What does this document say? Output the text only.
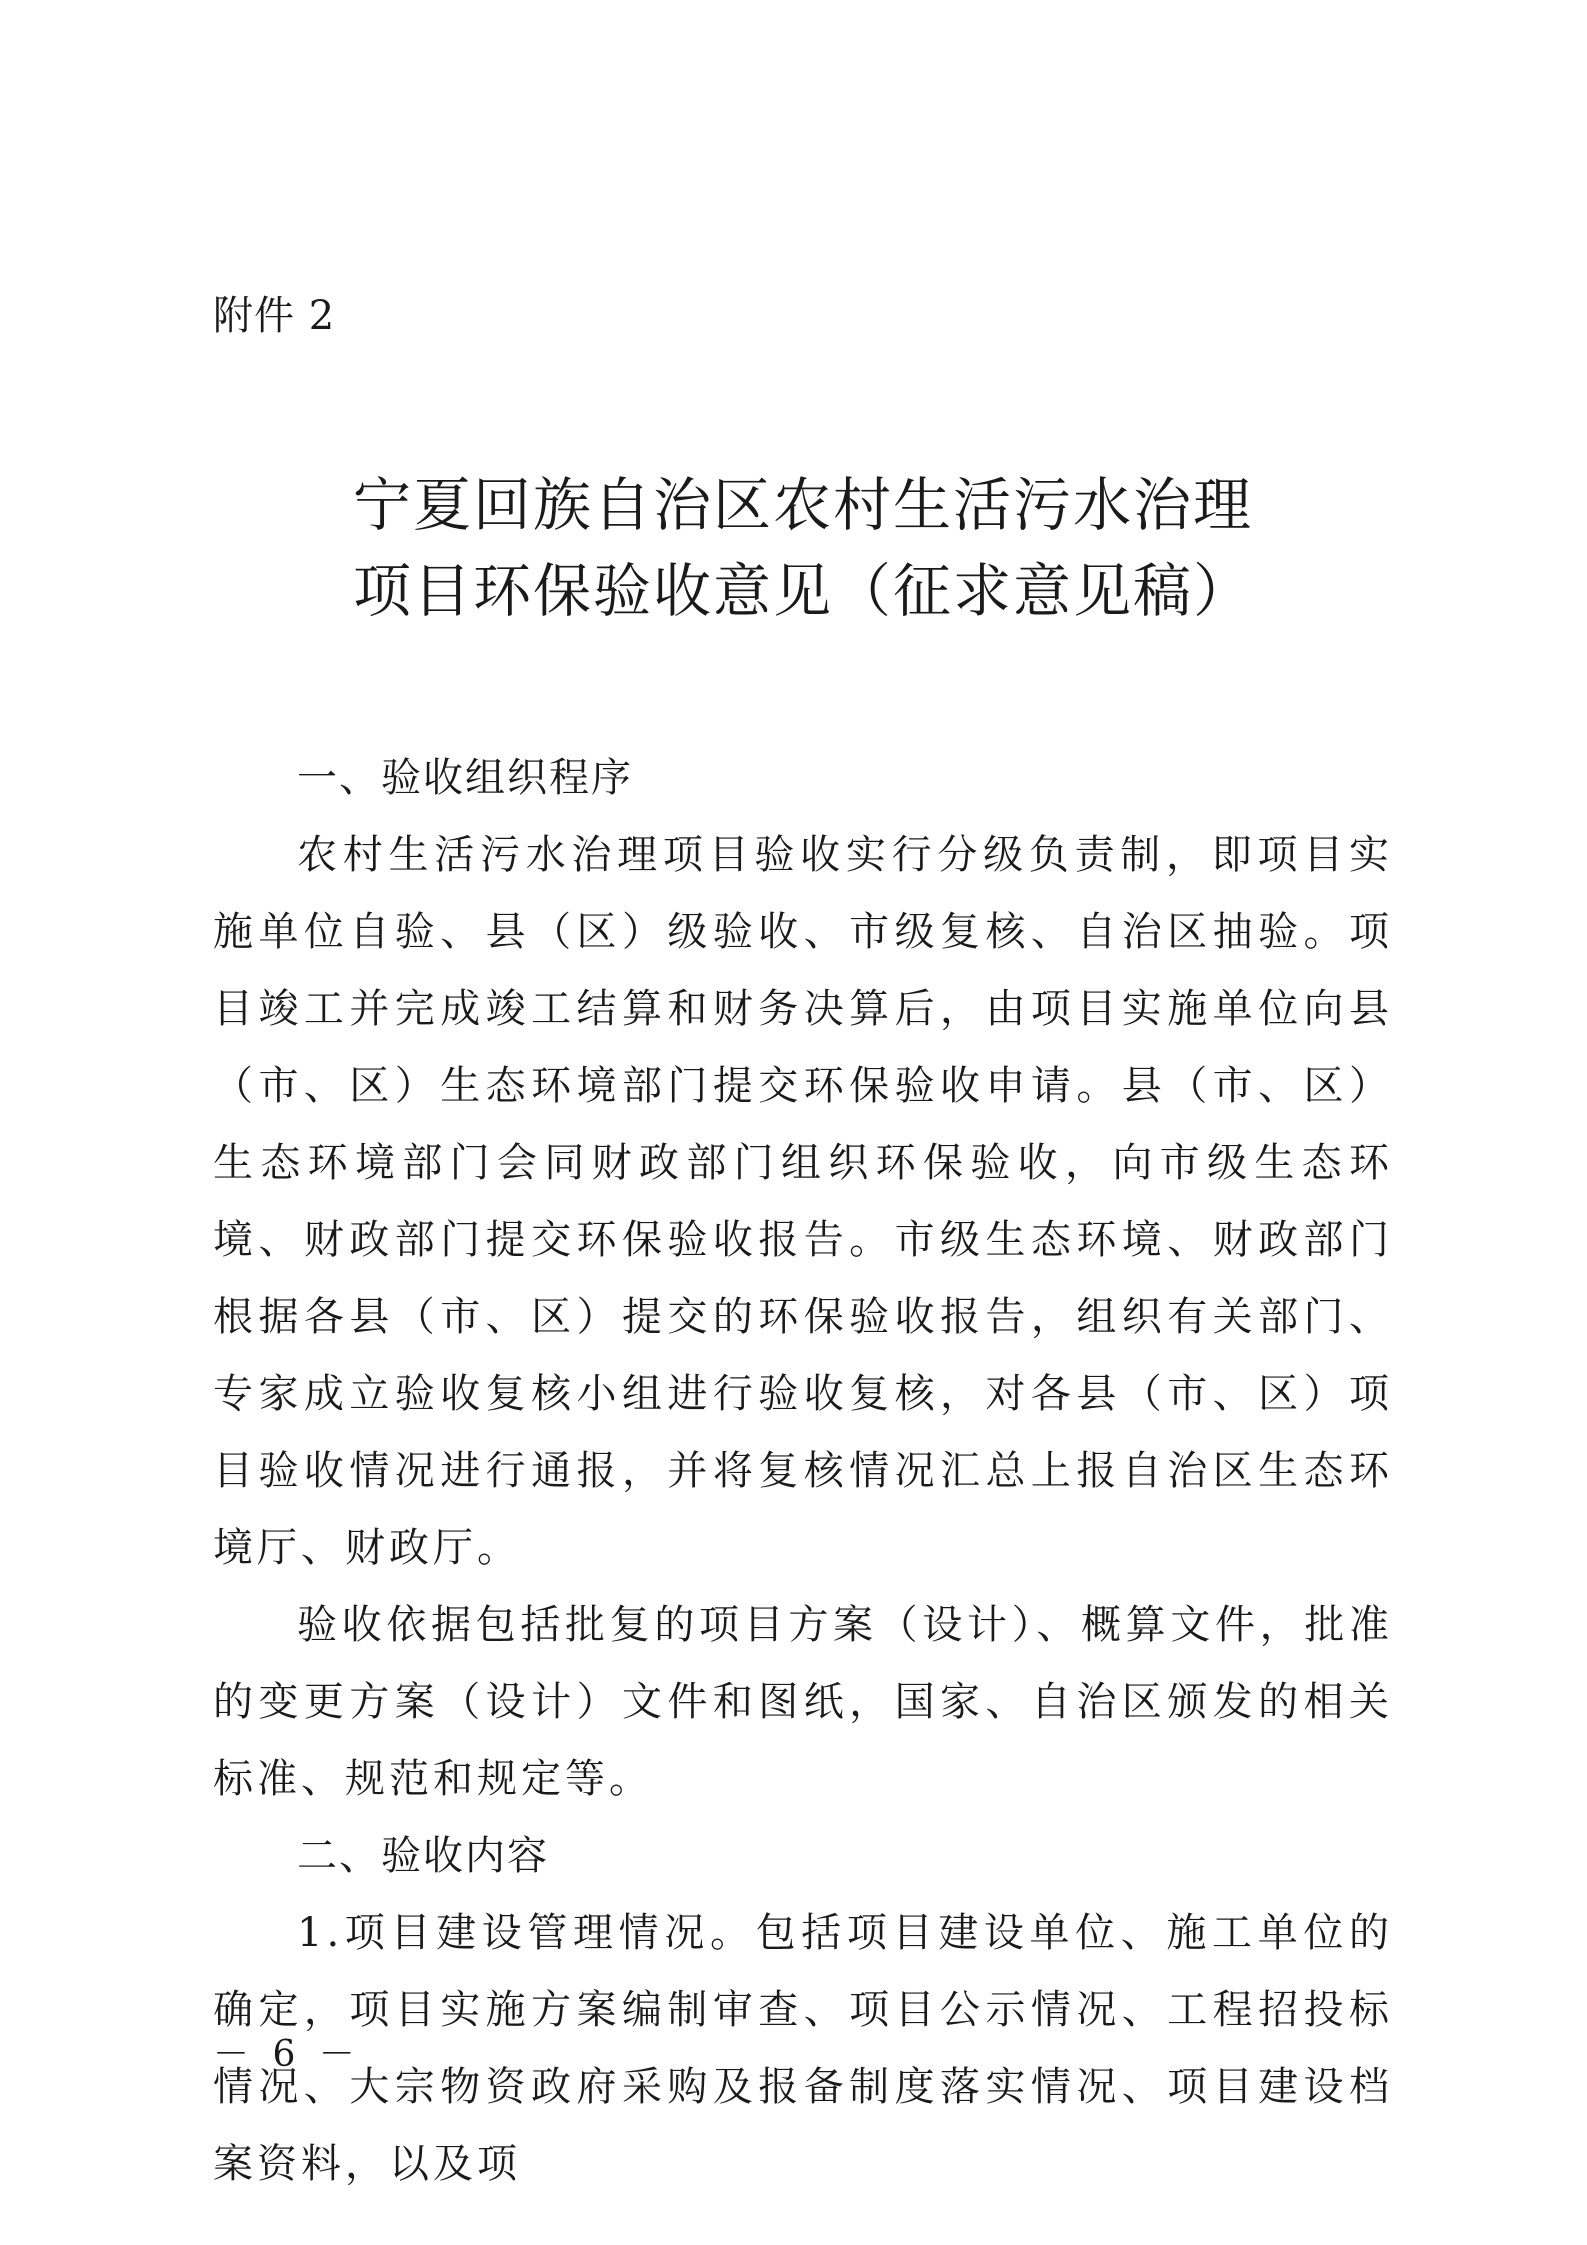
附件 2
宁夏回族自治区农村生活污水治理
项目环保验收意见（征求意见稿）

一、验收组织程序

农村生活污水治理项目验收实行分级负责制，即项目实施单位自验、县（区）级验收、市级复核、自治区抽验。项目竣工并完成竣工结算和财务决算后，由项目实施单位向县（市、区）生态环境部门提交环保验收申请。县（市、区）生态环境部门会同财政部门组织环保验收，向市级生态环境、财政部门提交环保验收报告。市级生态环境、财政部门根据各县（市、区）提交的环保验收报告，组织有关部门、专家成立验收复核小组进行验收复核，对各县（市、区）项目验收情况进行通报，并将复核情况汇总上报自治区生态环境厅、财政厅。

验收依据包括批复的项目方案（设计）、概算文件，批准的变更方案（设计）文件和图纸，国家、自治区颁发的相关标准、规范和规定等。

二、验收内容

1.项目建设管理情况。包括项目建设单位、施工单位的确定，项目实施方案编制审查、项目公示情况、工程招投标情况、大宗物资政府采购及报备制度落实情况、项目建设档案资料，以及项

－ 6 －
